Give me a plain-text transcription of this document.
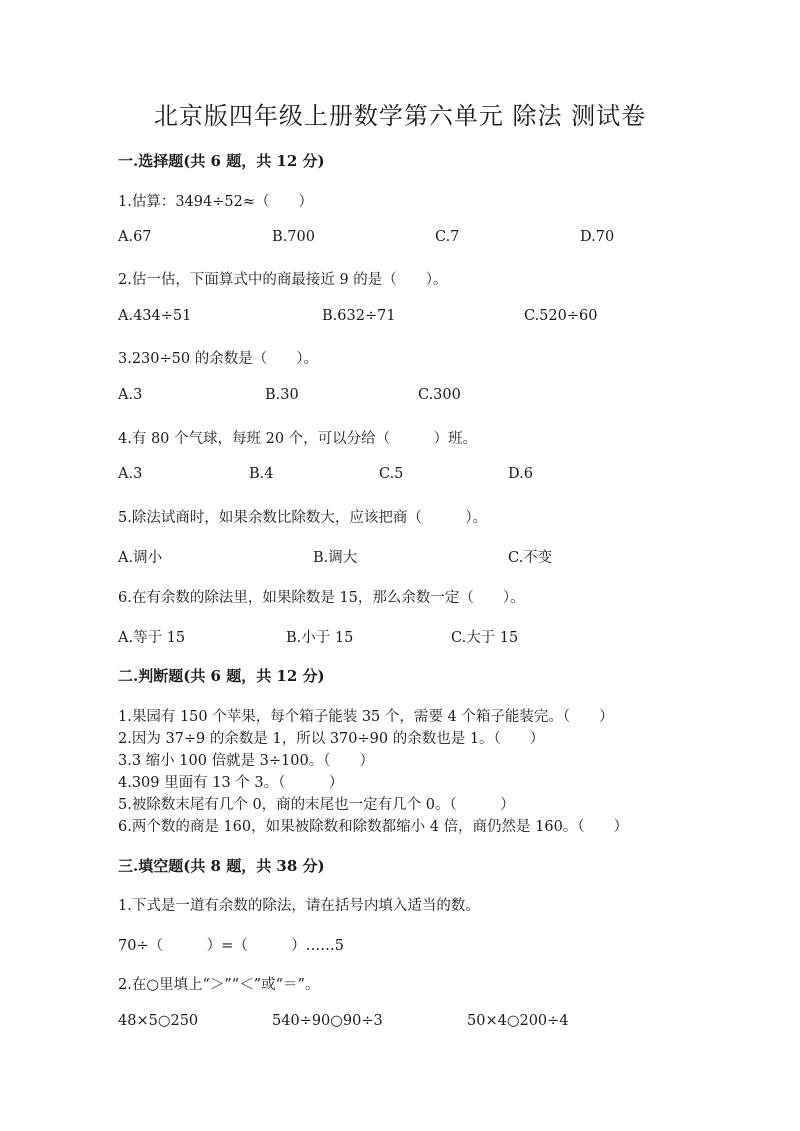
北京版四年级上册数学第六单元 除法 测试卷
一.选择题(共 6 题，共 12 分)
1.估算：3494÷52≈（　　）
A.67	B.700	C.7	D.70
2.估一估，下面算式中的商最接近 9 的是（　　）。
A.434÷51	B.632÷71	C.520÷60
3.230÷50 的余数是（　　）。
A.3	B.30	C.300
4.有 80 个气球，每班 20 个，可以分给（　　　）班。
A.3	B.4	C.5	D.6
5.除法试商时，如果余数比除数大，应该把商（　　　）。
A.调小	B.调大	C.不变
6.在有余数的除法里，如果除数是 15，那么余数一定（　　）。
A.等于 15	B.小于 15	C.大于 15
二.判断题(共 6 题，共 12 分)
1.果园有 150 个苹果，每个箱子能装 35 个，需要 4 个箱子能装完。（　　）
2.因为 37÷9 的余数是 1，所以 370÷90 的余数也是 1。（　　）
3.3 缩小 100 倍就是 3÷100。（　　）
4.309 里面有 13 个 3。（　　　）
5.被除数末尾有几个 0，商的末尾也一定有几个 0。（　　　）
6.两个数的商是 160，如果被除数和除数都缩小 4 倍，商仍然是 160。（　　）
三.填空题(共 8 题，共 38 分)
1.下式是一道有余数的除法，请在括号内填入适当的数。
70÷（　　　）=（　　　）……5
2.在○里填上“＞”“＜”或“＝”。
48×5○250	540÷90○90÷3	50×4○200÷4
